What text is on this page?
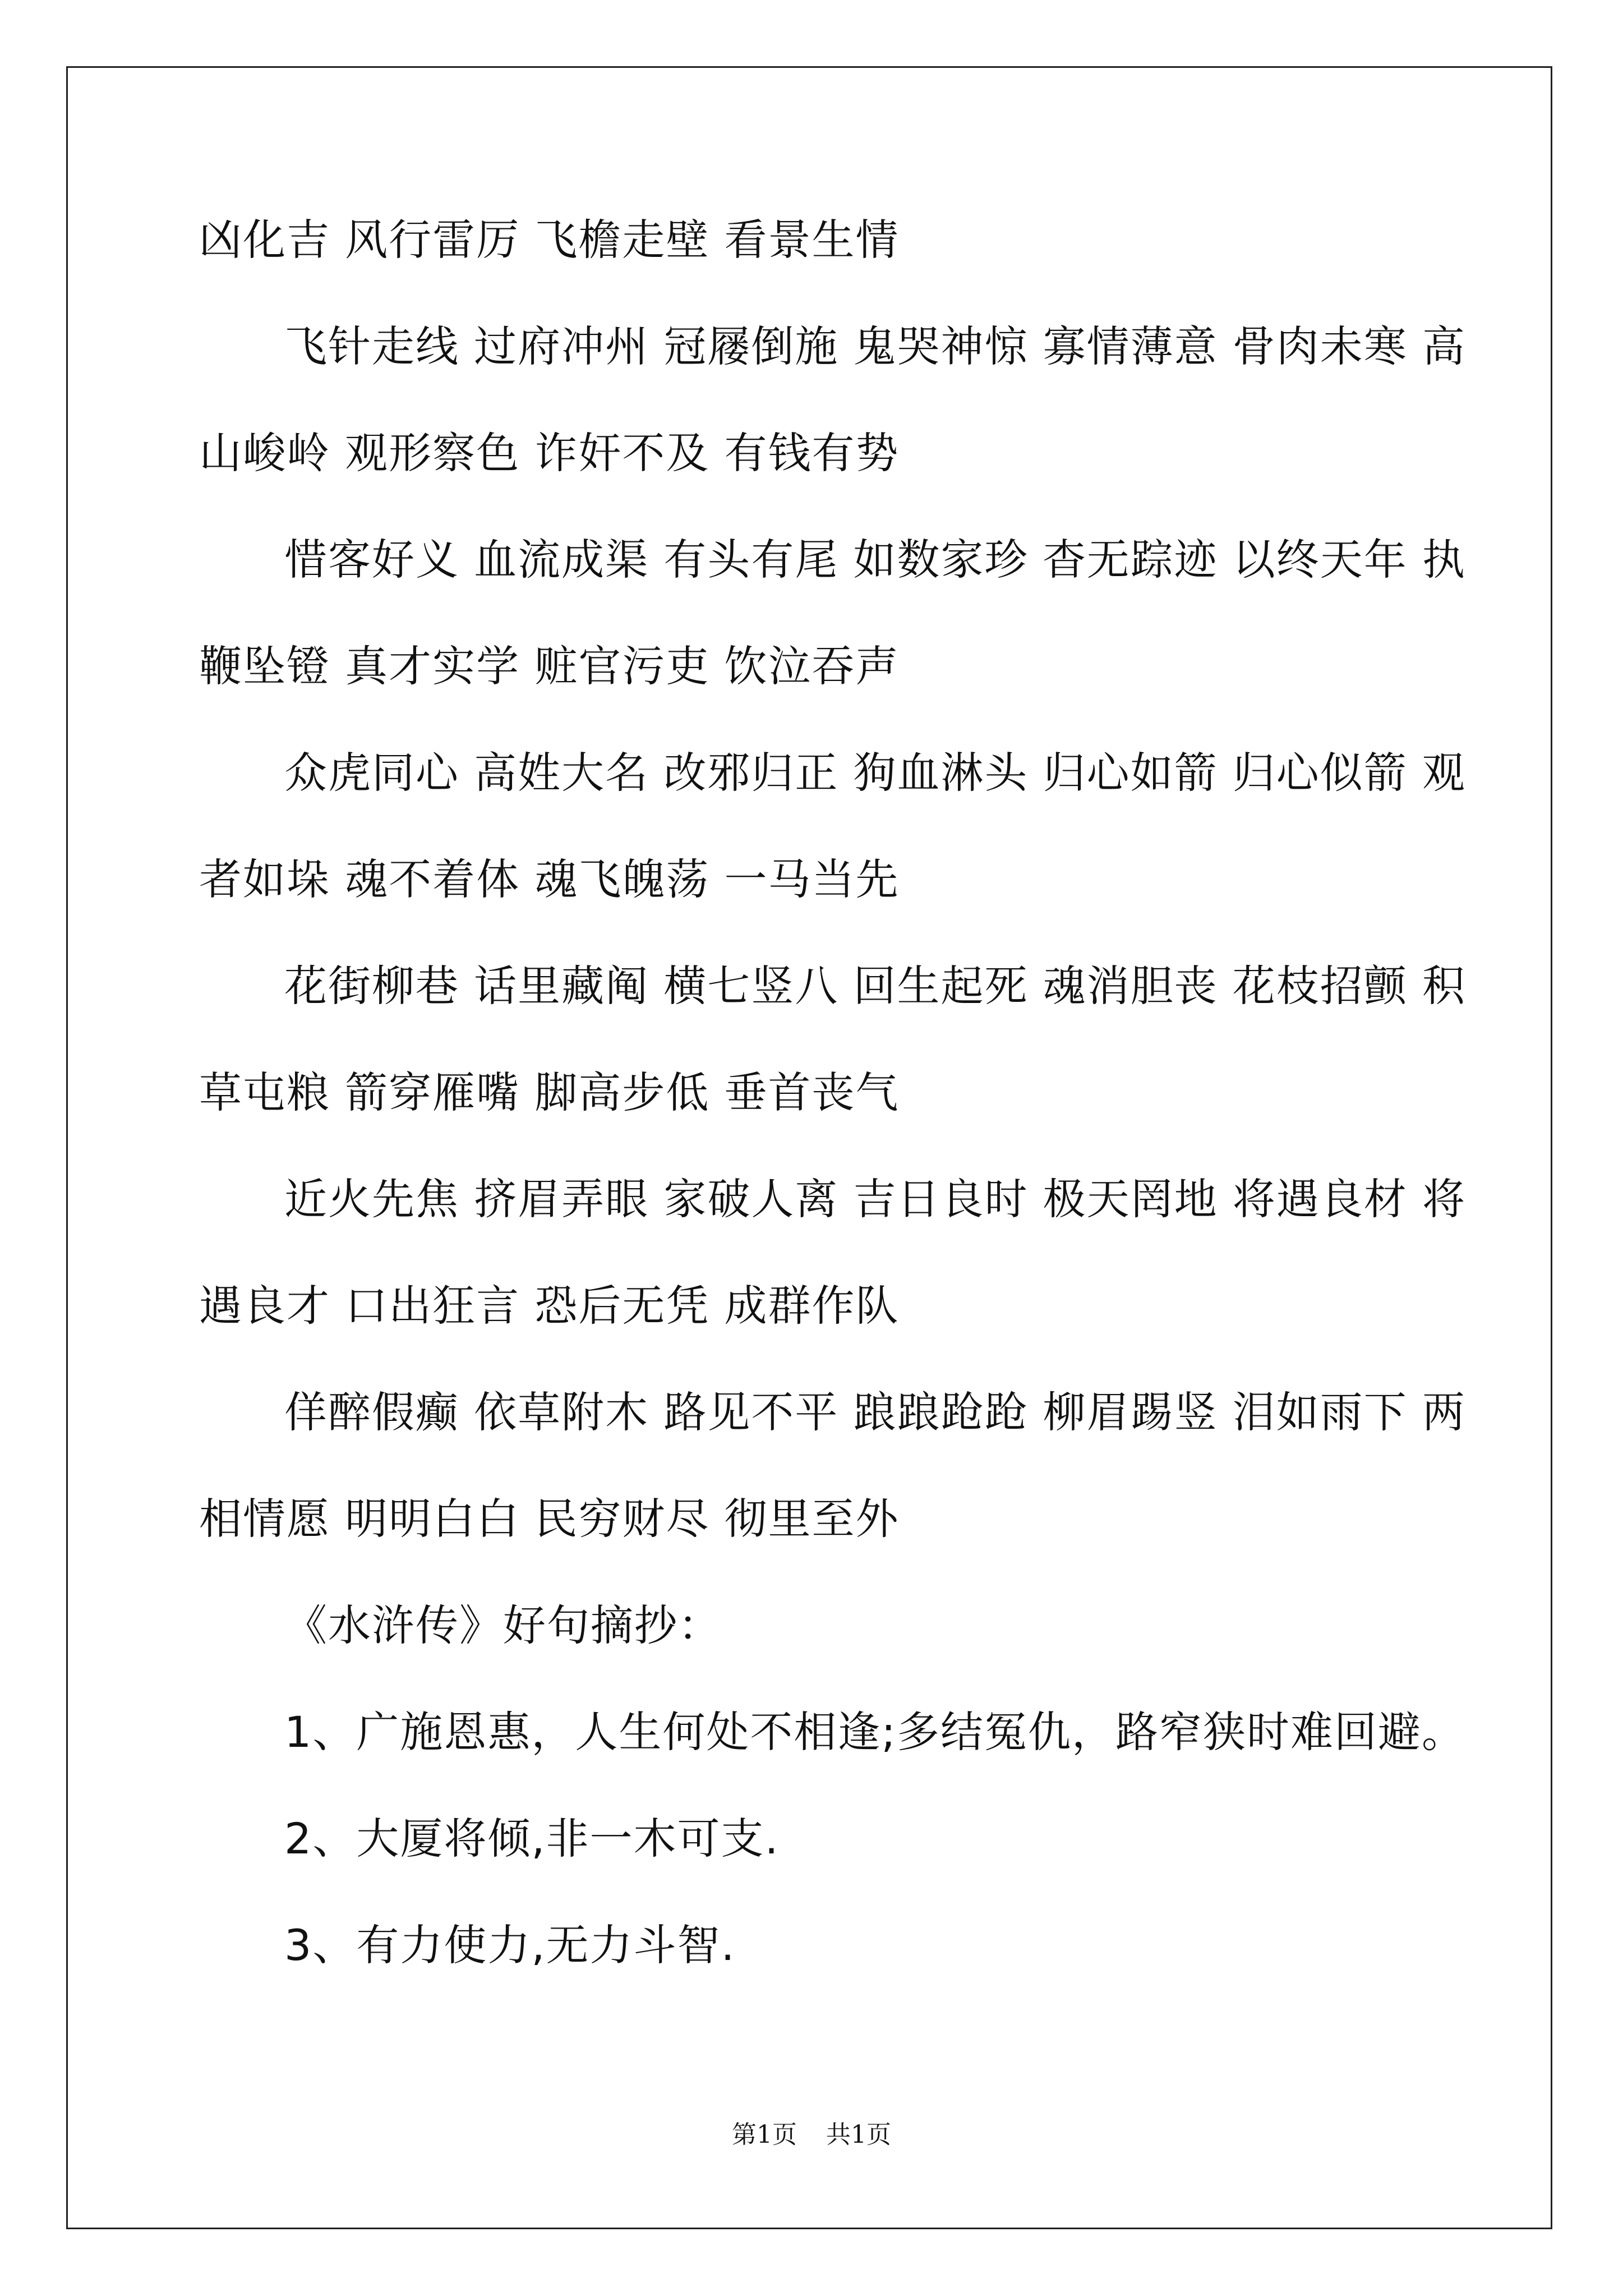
凶化吉 风行雷厉 飞檐走壁 看景生情
飞针走线 过府冲州 冠屦倒施 鬼哭神惊 寡情薄意 骨肉未寒 高
山峻岭 观形察色 诈奸不及 有钱有势
惜客好义 血流成渠 有头有尾 如数家珍 杳无踪迹 以终天年 执
鞭坠镫 真才实学 赃官污吏 饮泣吞声
众虎同心 高姓大名 改邪归正 狗血淋头 归心如箭 归心似箭 观
者如垛 魂不着体 魂飞魄荡 一马当先
花街柳巷 话里藏阄 横七竖八 回生起死 魂消胆丧 花枝招颤 积
草屯粮 箭穿雁嘴 脚高步低 垂首丧气
近火先焦 挤眉弄眼 家破人离 吉日良时 极天罔地 将遇良材 将
遇良才 口出狂言 恐后无凭 成群作队
佯醉假癫 依草附木 路见不平 踉踉跄跄 柳眉踢竖 泪如雨下 两
相情愿 明明白白 民穷财尽 彻里至外
《水浒传》好句摘抄：
1、广施恩惠，人生何处不相逢;多结冤仇，路窄狭时难回避。
2、大厦将倾,非一木可支.
3、有力使力,无力斗智.
第1页 共1页
